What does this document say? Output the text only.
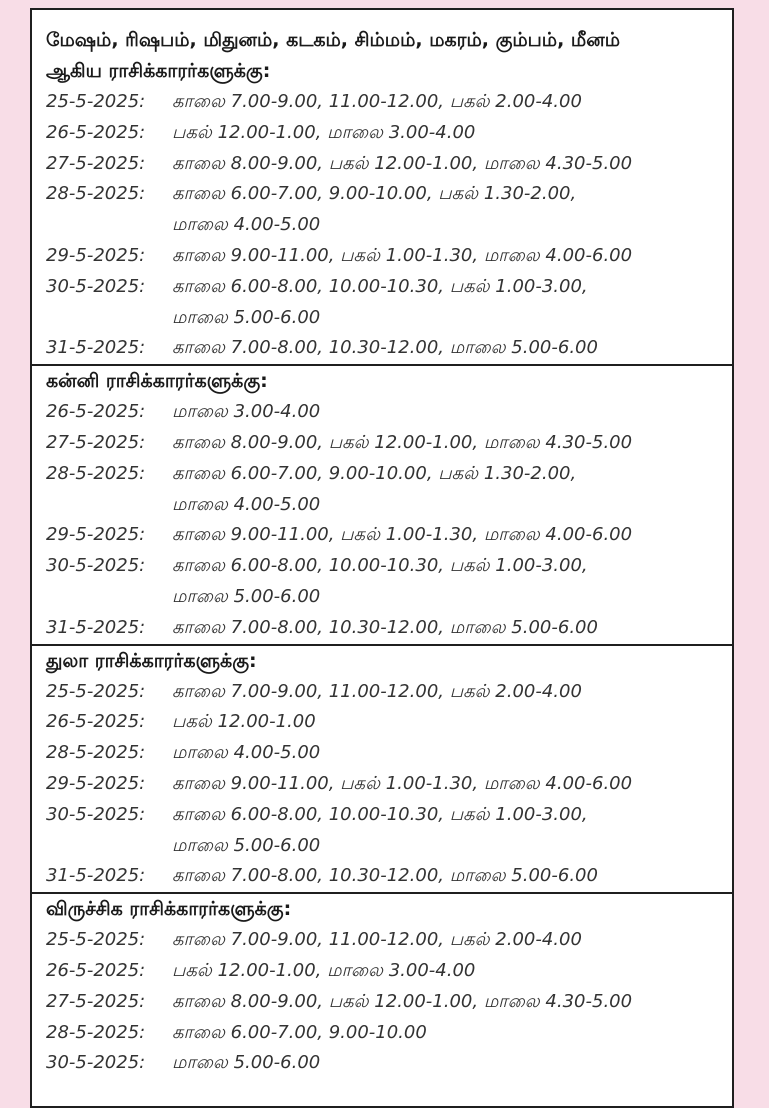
மேஷம், ரிஷபம், மிதுனம், கடகம், சிம்மம், மகரம், கும்பம், மீனம்
ஆகிய ராசிக்காரர்களுக்கு:
25-5-2025:	காலை 7.00-9.00, 11.00-12.00, பகல் 2.00-4.00
26-5-2025:	பகல் 12.00-1.00, மாலை 3.00-4.00
27-5-2025:	காலை 8.00-9.00, பகல் 12.00-1.00, மாலை 4.30-5.00
28-5-2025:	காலை 6.00-7.00, 9.00-10.00, பகல் 1.30-2.00,
மாலை 4.00-5.00
29-5-2025:	காலை 9.00-11.00, பகல் 1.00-1.30, மாலை 4.00-6.00
30-5-2025:	காலை 6.00-8.00, 10.00-10.30, பகல் 1.00-3.00,
மாலை 5.00-6.00
31-5-2025:	காலை 7.00-8.00, 10.30-12.00, மாலை 5.00-6.00
கன்னி ராசிக்காரர்களுக்கு:
26-5-2025:	மாலை 3.00-4.00
27-5-2025:	காலை 8.00-9.00, பகல் 12.00-1.00, மாலை 4.30-5.00
28-5-2025:	காலை 6.00-7.00, 9.00-10.00, பகல் 1.30-2.00,
மாலை 4.00-5.00
29-5-2025:	காலை 9.00-11.00, பகல் 1.00-1.30, மாலை 4.00-6.00
30-5-2025:	காலை 6.00-8.00, 10.00-10.30, பகல் 1.00-3.00,
மாலை 5.00-6.00
31-5-2025:	காலை 7.00-8.00, 10.30-12.00, மாலை 5.00-6.00
துலா ராசிக்காரர்களுக்கு:
25-5-2025:	காலை 7.00-9.00, 11.00-12.00, பகல் 2.00-4.00
26-5-2025:	பகல் 12.00-1.00
28-5-2025:	மாலை 4.00-5.00
29-5-2025:	காலை 9.00-11.00, பகல் 1.00-1.30, மாலை 4.00-6.00
30-5-2025:	காலை 6.00-8.00, 10.00-10.30, பகல் 1.00-3.00,
மாலை 5.00-6.00
31-5-2025:	காலை 7.00-8.00, 10.30-12.00, மாலை 5.00-6.00
விருச்சிக ராசிக்காரர்களுக்கு:
25-5-2025:	காலை 7.00-9.00, 11.00-12.00, பகல் 2.00-4.00
26-5-2025:	பகல் 12.00-1.00, மாலை 3.00-4.00
27-5-2025:	காலை 8.00-9.00, பகல் 12.00-1.00, மாலை 4.30-5.00
28-5-2025:	காலை 6.00-7.00, 9.00-10.00
30-5-2025:	மாலை 5.00-6.00
